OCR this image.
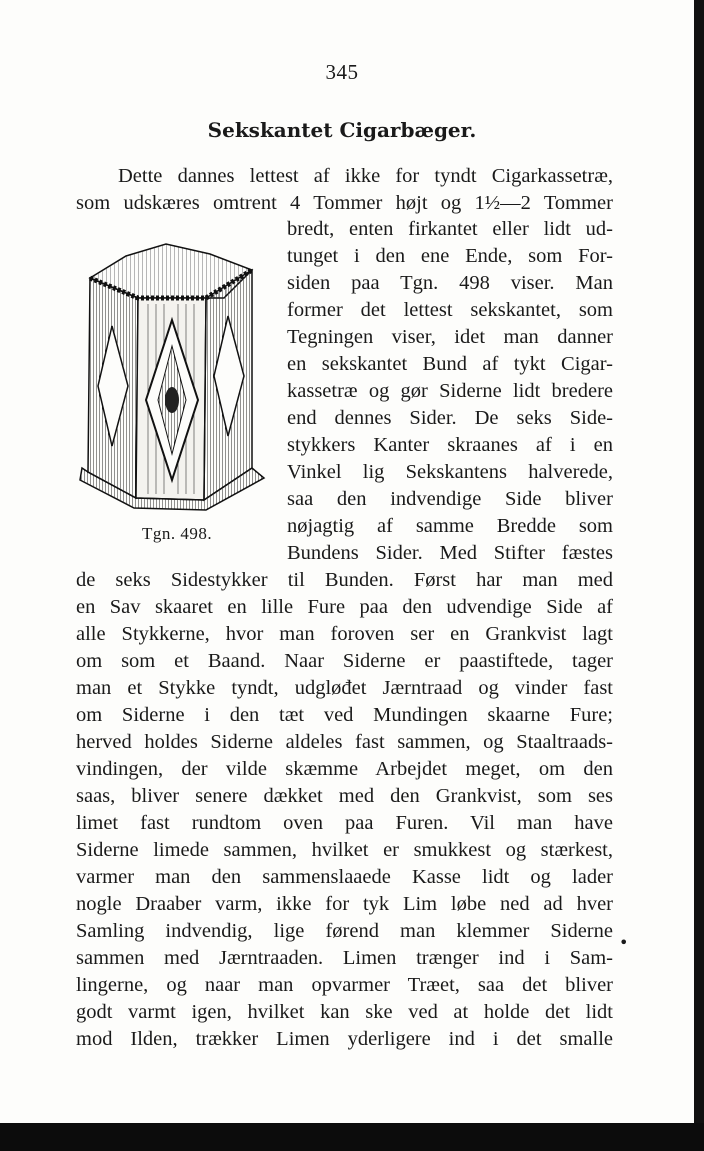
345
Sekskantet Cigarbæger.
Dette dannes lettest af ikke for tyndt Cigarkassetræ,
som udskæres omtrent 4 Tommer højt og 1½—2 Tommer
bredt, enten firkantet eller lidt ud-
tunget i den ene Ende, som For-
siden paa Tgn. 498 viser. Man
former det lettest sekskantet, som
Tegningen viser, idet man danner
en sekskantet Bund af tykt Cigar-
kassetræ og gør Siderne lidt bredere
end dennes Sider. De seks Side-
stykkers Kanter skraanes af i en
Vinkel lig Sekskantens halverede,
saa den indvendige Side bliver
nøjagtig af samme Bredde som
Bundens Sider. Med Stifter fæstes
Tgn. 498.
de seks Sidestykker til Bunden. Først har man med
en Sav skaaret en lille Fure paa den udvendige Side af
alle Stykkerne, hvor man foroven ser en Grankvist lagt
om som et Baand. Naar Siderne er paastiftede, tager
man et Stykke tyndt, udgløđet Jærntraad og vinder fast
om Siderne i den tæt ved Mundingen skaarne Fure;
herved holdes Siderne aldeles fast sammen, og Staaltraads-
vindingen, der vilde skæmme Arbejdet meget, om den
saas, bliver senere dækket med den Grankvist, som ses
limet fast rundtom oven paa Furen. Vil man have
Siderne limede sammen, hvilket er smukkest og stærkest,
varmer man den sammenslaaede Kasse lidt og lader
nogle Draaber varm, ikke for tyk Lim løbe ned ad hver
Samling indvendig, lige førend man klemmer Siderne
sammen med Jærntraaden. Limen trænger ind i Sam-
lingerne, og naar man opvarmer Træet, saa det bliver
godt varmt igen, hvilket kan ske ved at holde det lidt
mod Ilden, trækker Limen yderligere ind i det smalle
•
